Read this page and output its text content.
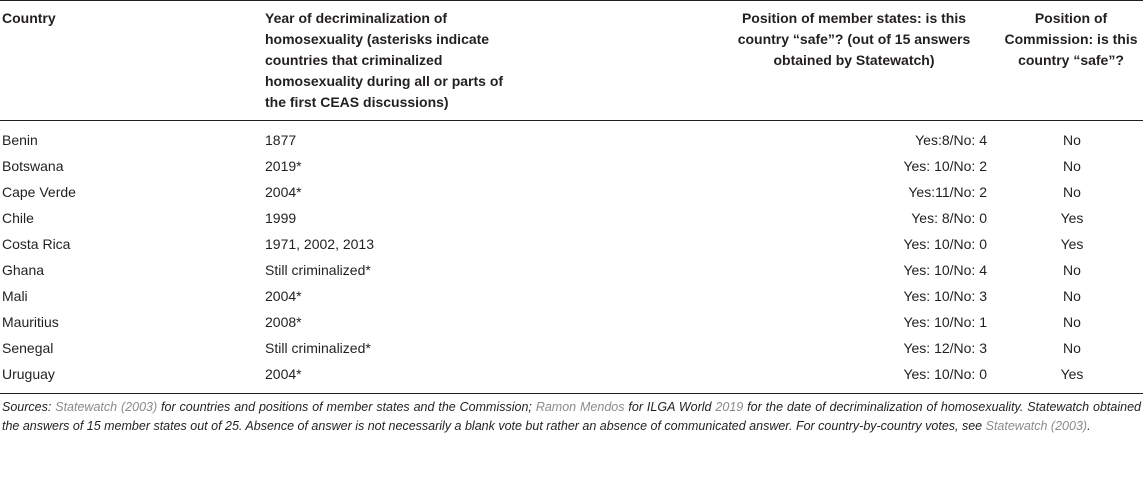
Country	Year of decriminalization of homosexuality (asterisks indicate countries that criminalized homosexuality during all or parts of the first CEAS discussions)	Position of member states: is this country “safe”? (out of 15 answers obtained by Statewatch)	Position of Commission: is this country “safe”?

Benin	1877	Yes:8/No: 4	No
Botswana	2019*	Yes: 10/No: 2	No
Cape Verde	2004*	Yes:11/No: 2	No
Chile	1999	Yes: 8/No: 0	Yes
Costa Rica	1971, 2002, 2013	Yes: 10/No: 0	Yes
Ghana	Still criminalized*	Yes: 10/No: 4	No
Mali	2004*	Yes: 10/No: 3	No
Mauritius	2008*	Yes: 10/No: 1	No
Senegal	Still criminalized*	Yes: 12/No: 3	No
Uruguay	2004*	Yes: 10/No: 0	Yes
Sources: Statewatch (2003) for countries and positions of member states and the Commission; Ramon Mendos for ILGA World 2019 for the date of decriminalization of homosexuality. Statewatch obtained the answers of 15 member states out of 25. Absence of answer is not necessarily a blank vote but rather an absence of communicated answer. For country-by-country votes, see Statewatch (2003).
